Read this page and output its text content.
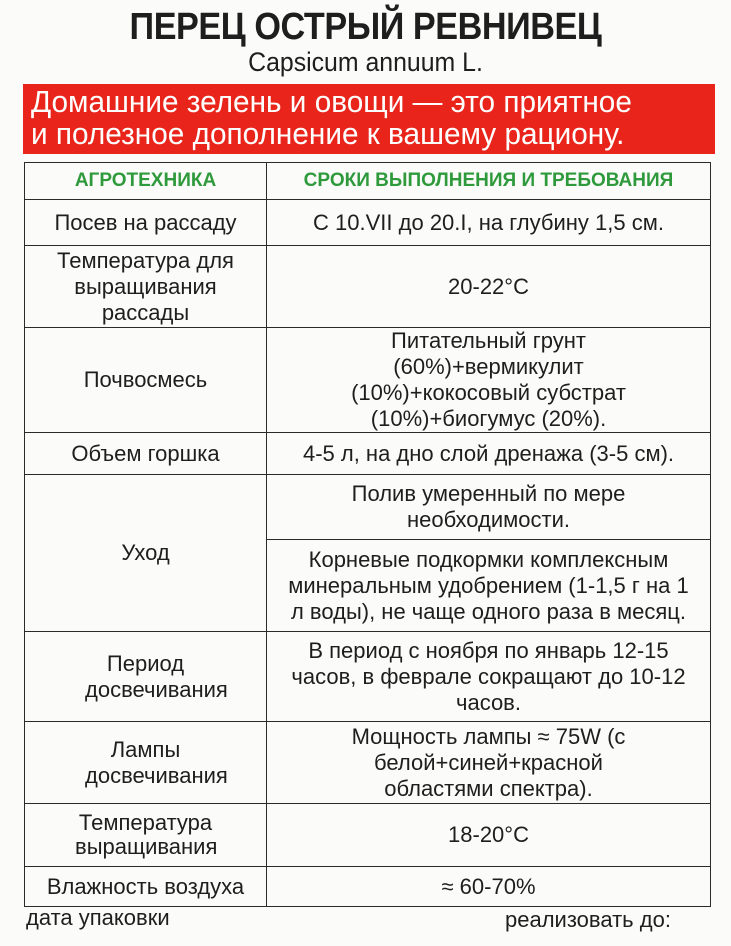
ПЕРЕЦ ОСТРЫЙ РЕВНИВЕЦ
Capsicum annuum L.
Домашние зелень и овощи — это приятное
и полезное дополнение к вашему рациону.
АГРОТЕХНИКА	СРОКИ ВЫПОЛНЕНИЯ И ТРЕБОВАНИЯ
Посев на рассаду	С 10.VII до 20.I, на глубину 1,5 см.
Температура для выращивания рассады	20-22°C
Почвосмесь	Питательный грунт (60%)+вермикулит (10%)+кокосовый субстрат (10%)+биогумус (20%).
Объем горшка	4-5 л, на дно слой дренажа (3-5 см).
Уход	Полив умеренный по мере необходимости.
	Корневые подкормки комплексным минеральным удобрением (1-1,5 г на 1 л воды), не чаще одного раза в месяц.
Период досвечивания	В период с ноября по январь 12-15 часов, в феврале сокращают до 10-12 часов.
Лампы досвечивания	Мощность лампы ≈ 75W (с белой+синей+красной областями спектра).
Температура выращивания	18-20°C
Влажность воздуха	≈ 60-70%
дата упаковки	реализовать до:
